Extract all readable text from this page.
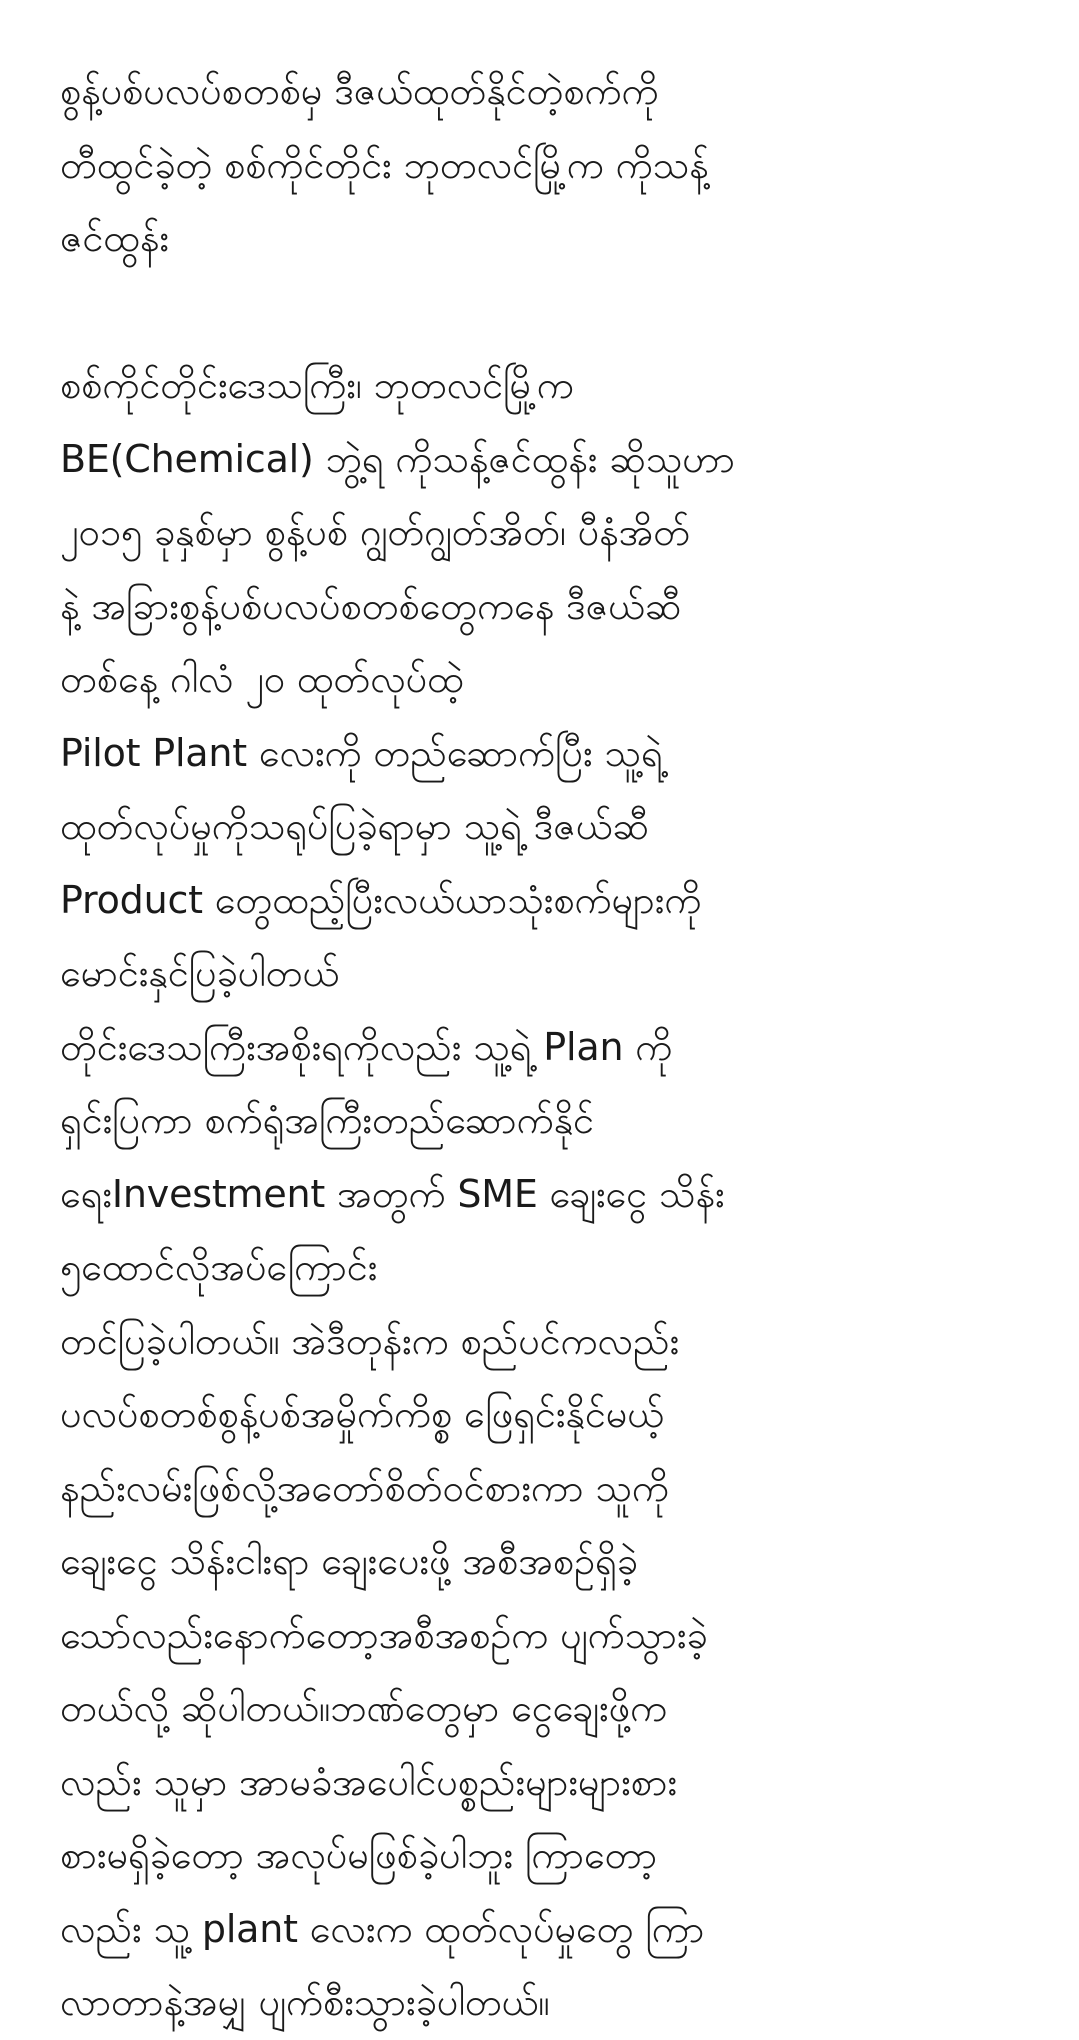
စွန့်ပစ်ပလပ်စတစ်မှ ဒီဇယ်ထုတ်နိုင်တဲ့စက်ကို
တီထွင်ခဲ့တဲ့ စစ်ကိုင်တိုင်း ဘုတလင်မြို့က ကိုသန့်
ဇင်ထွန်း
စစ်ကိုင်တိုင်းဒေသကြီး၊ ဘုတလင်မြို့က
BE(Chemical) ဘွဲ့ရ ကိုသန့်ဇင်ထွန်း ဆိုသူဟာ
၂၀၁၅ ခုနှစ်မှာ စွန့်ပစ် ဂျွတ်ဂျွတ်အိတ်၊ ပီနံအိတ်
နဲ့ အခြားစွန့်ပစ်ပလပ်စတစ်တွေကနေ ဒီဇယ်ဆီ
တစ်နေ့ ဂါလံ ၂၀ ထုတ်လုပ်ထဲ့
Pilot Plant လေးကို တည်ဆောက်ပြီး သူ့ရဲ့
ထုတ်လုပ်မှုကိုသရုပ်ပြခဲ့ရာမှာ သူ့ရဲ့ ဒီဇယ်ဆီ
Product တွေထည့်ပြီးလယ်ယာသုံးစက်များကို
မောင်းနှင်ပြခဲ့ပါတယ်
တိုင်းဒေသကြီးအစိုးရကိုလည်း သူ့ရဲ့ Plan ကို
ရှင်းပြကာ စက်ရုံအကြီးတည်ဆောက်နိုင်
ရေးInvestment အတွက် SME ချေးငွေ သိန်း
၅ထောင်လိုအပ်ကြောင်း
တင်ပြခဲ့ပါတယ်။ အဲဒီတုန်းက စည်ပင်ကလည်း
ပလပ်စတစ်စွန့်ပစ်အမှိုက်ကိစ္စ ဖြေရှင်းနိုင်မယ့်
နည်းလမ်းဖြစ်လို့အတော်စိတ်ဝင်စားကာ သူကို
ချေးငွေ သိန်းငါးရာ ချေးပေးဖို့ အစီအစဉ်ရှိခဲ့
သော်လည်းနောက်တော့အစီအစဉ်က ပျက်သွားခဲ့
တယ်လို့ ဆိုပါတယ်။ဘဏ်တွေမှာ ငွေချေးဖို့က
လည်း သူမှာ အာမခံအပေါင်ပစ္စည်းများများစား
စားမရှိခဲ့တော့ အလုပ်မဖြစ်ခဲ့ပါဘူး ကြာတော့
လည်း သူ့ plant လေးက ထုတ်လုပ်မှုတွေ ကြာ
လာတာနဲ့အမျှ ပျက်စီးသွားခဲ့ပါတယ်။
